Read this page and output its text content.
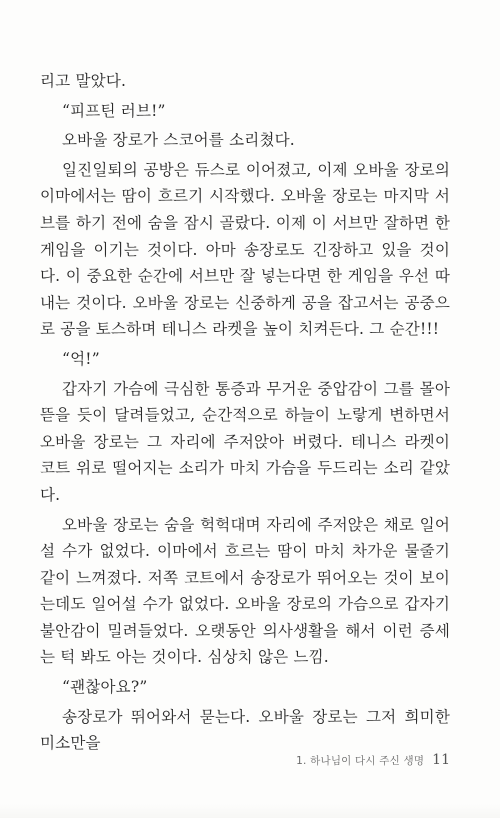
리고 말았다.

“피프틴 러브!”

오바울 장로가 스코어를 소리쳤다.

일진일퇴의 공방은 듀스로 이어졌고, 이제 오바울 장로의 이마에서는 땀이 흐르기 시작했다. 오바울 장로는 마지막 서브를 하기 전에 숨을 잠시 골랐다. 이제 이 서브만 잘하면 한 게임을 이기는 것이다. 아마 송장로도 긴장하고 있을 것이다. 이 중요한 순간에 서브만 잘 넣는다면 한 게임을 우선 따내는 것이다. 오바울 장로는 신중하게 공을 잡고서는 공중으로 공을 토스하며 테니스 라켓을 높이 치켜든다. 그 순간!!!

“억!”

갑자기 가슴에 극심한 통증과 무거운 중압감이 그를 몰아뜯을 듯이 달려들었고, 순간적으로 하늘이 노랗게 변하면서 오바울 장로는 그 자리에 주저앉아 버렸다. 테니스 라켓이 코트 위로 떨어지는 소리가 마치 가슴을 두드리는 소리 같았다.

오바울 장로는 숨을 헉헉대며 자리에 주저앉은 채로 일어설 수가 없었다. 이마에서 흐르는 땀이 마치 차가운 물줄기 같이 느껴졌다. 저쪽 코트에서 송장로가 뛰어오는 것이 보이는데도 일어설 수가 없었다. 오바울 장로의 가슴으로 갑자기 불안감이 밀려들었다. 오랫동안 의사생활을 해서 이런 증세는 턱 봐도 아는 것이다. 심상치 않은 느낌.

“괜찮아요?”

송장로가 뛰어와서 묻는다. 오바울 장로는 그저 희미한 미소만을

1. 하나님이 다시 주신 생명 11
